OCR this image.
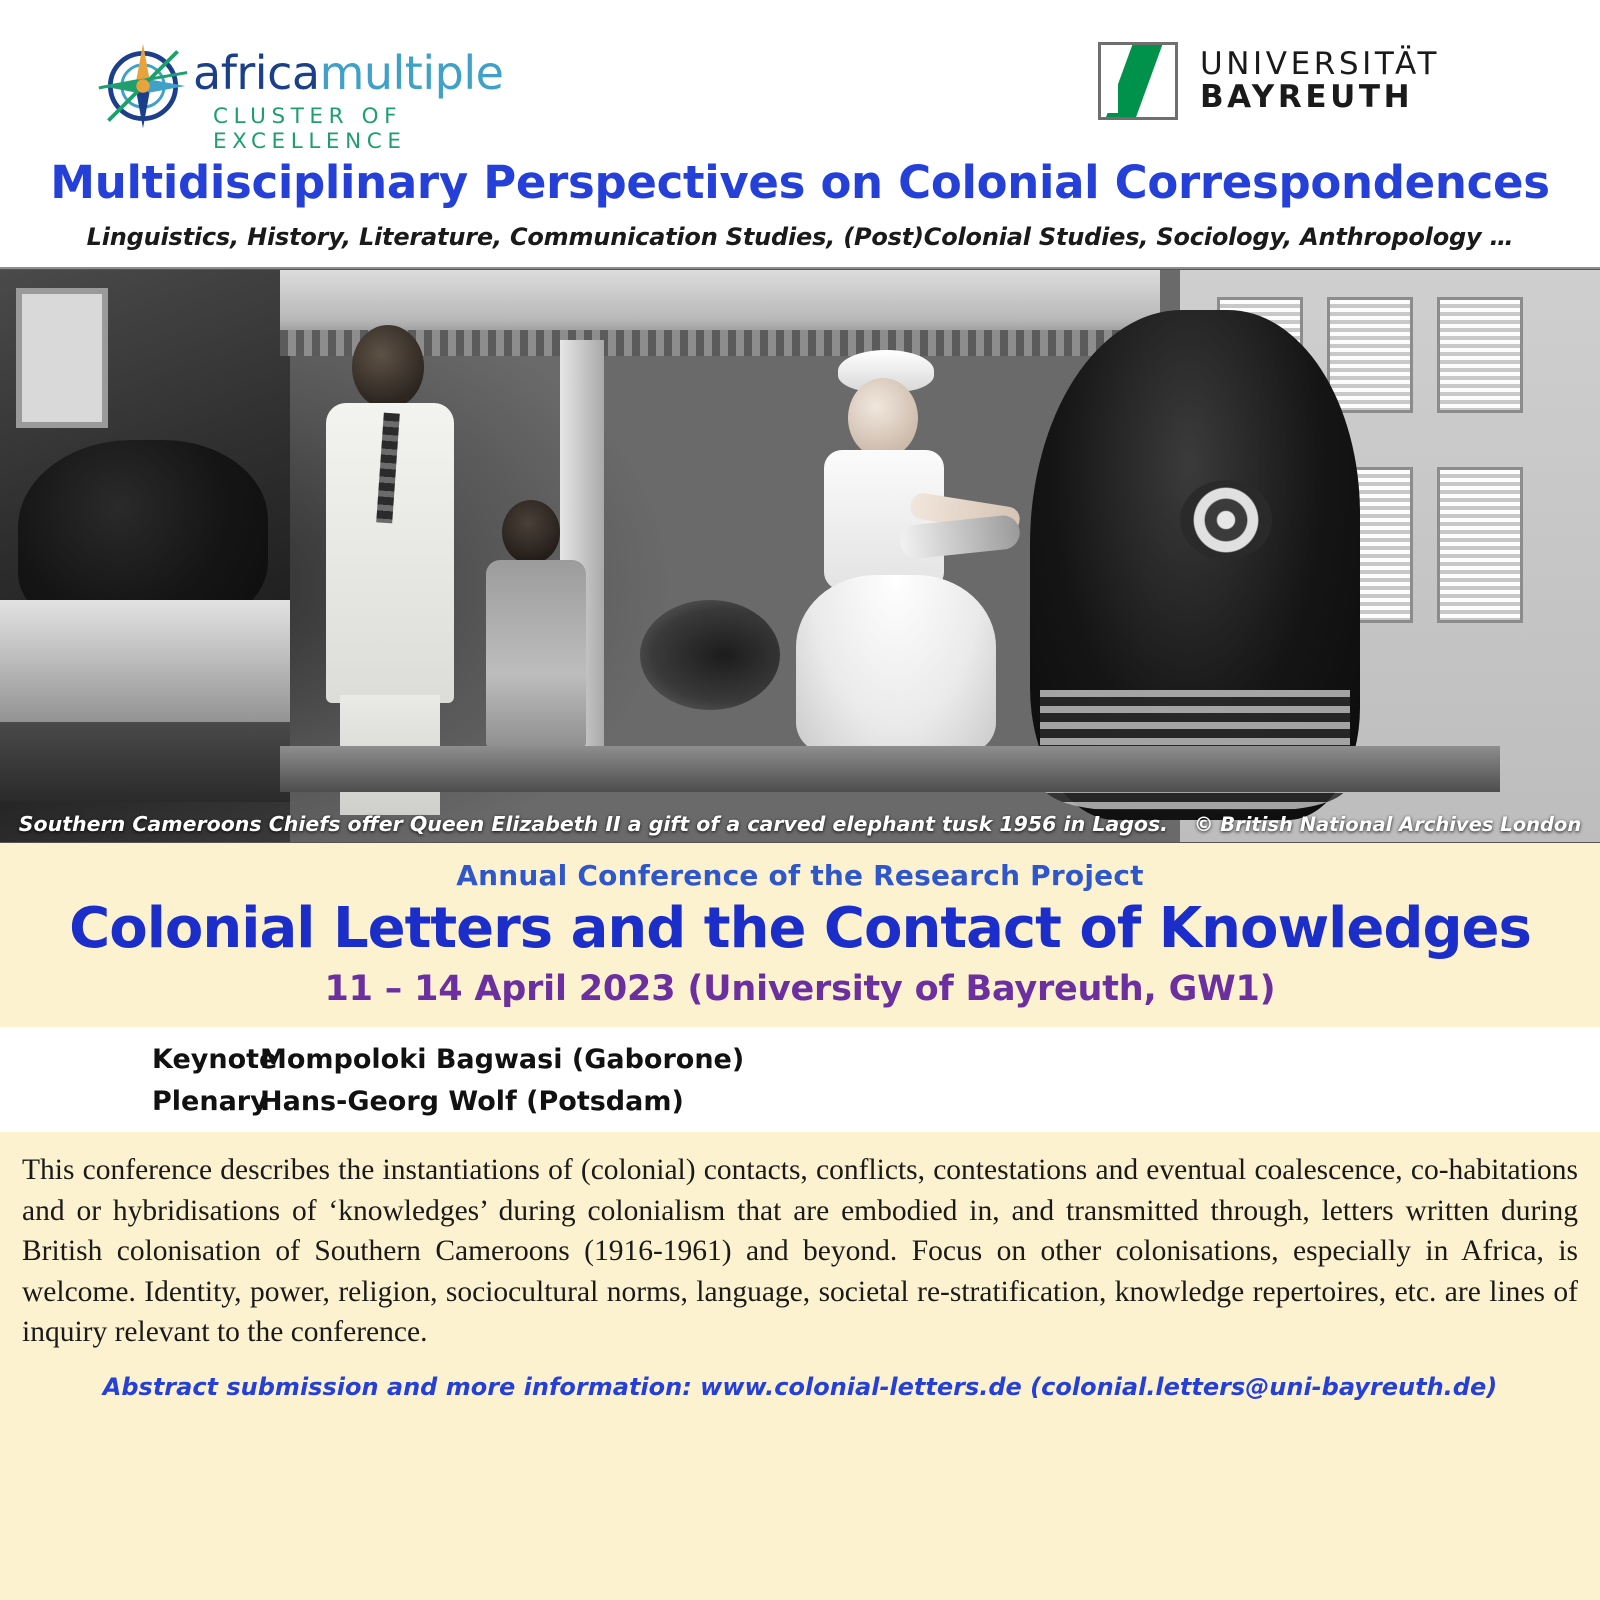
africamultiple
CLUSTER OF EXCELLENCE
UNIVERSITÄT
BAYREUTH
Multidisciplinary Perspectives on Colonial Correspondences
Linguistics, History, Literature, Communication Studies, (Post)Colonial Studies, Sociology, Anthropology …
Southern Cameroons Chiefs offer Queen Elizabeth II a gift of a carved elephant tusk 1956 in Lagos. © British National Archives London
Annual Conference of the Research Project
Colonial Letters and the Contact of Knowledges
11 – 14 April 2023 (University of Bayreuth, GW1)
Keynote
Mompoloki Bagwasi (Gaborone)
Plenary
Hans-Georg Wolf (Potsdam)

This conference describes the instantiations of (colonial) contacts, conflicts, contestations and eventual coalescence, co-habitations and or hybridisations of ‘knowledges’ during colonialism that are embodied in, and transmitted through, letters written during British colonisation of Southern Cameroons (1916-1961) and beyond. Focus on other colonisations, especially in Africa, is welcome. Identity, power, religion, sociocultural norms, language, societal re-stratification, knowledge repertoires, etc. are lines of inquiry relevant to the conference.

Abstract submission and more information: www.colonial-letters.de (colonial.letters@uni-bayreuth.de)
